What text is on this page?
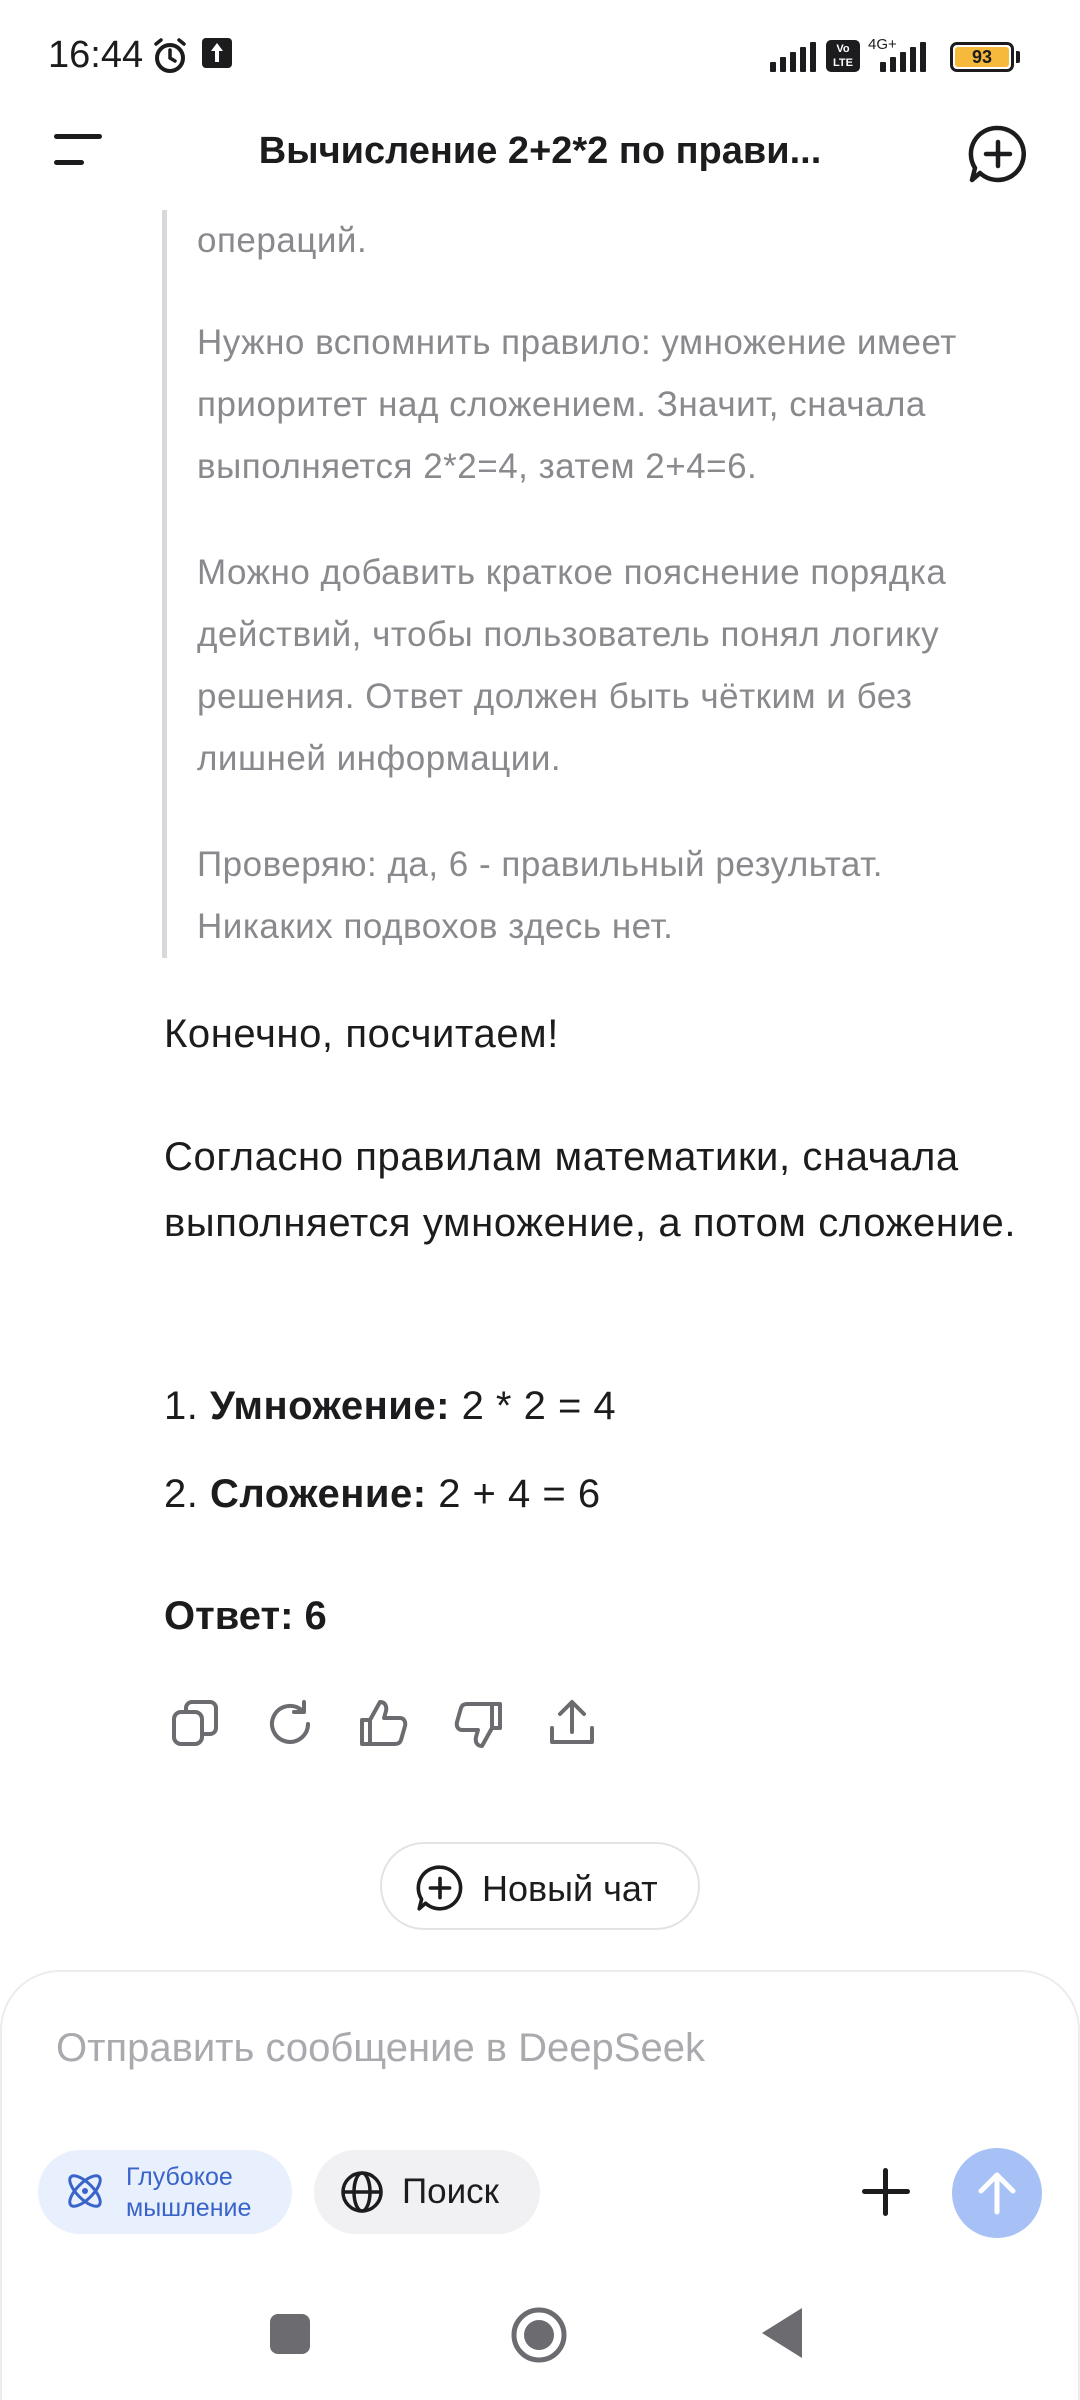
16:44	Vo LTE
4G+
93
Вычисление 2+2*2 по прави...

операций.

Нужно вспомнить правило: умножение имеет приоритет над сложением. Значит, сначала выполняется 2*2=4, затем 2+4=6.

Можно добавить краткое пояснение порядка действий, чтобы пользователь понял логику решения. Ответ должен быть чётким и без лишней информации.

Проверяю: да, 6 - правильный результат. Никаких подвохов здесь нет.

Конечно, посчитаем!
Согласно правилам математики, сначала выполняется умножение, а потом сложение.
1. Умножение: 2 * 2 = 4
2. Сложение: 2 + 4 = 6
Ответ: 6
Новый чат
Отправить сообщение в DeepSeek
Глубокое мышление	Поиск
